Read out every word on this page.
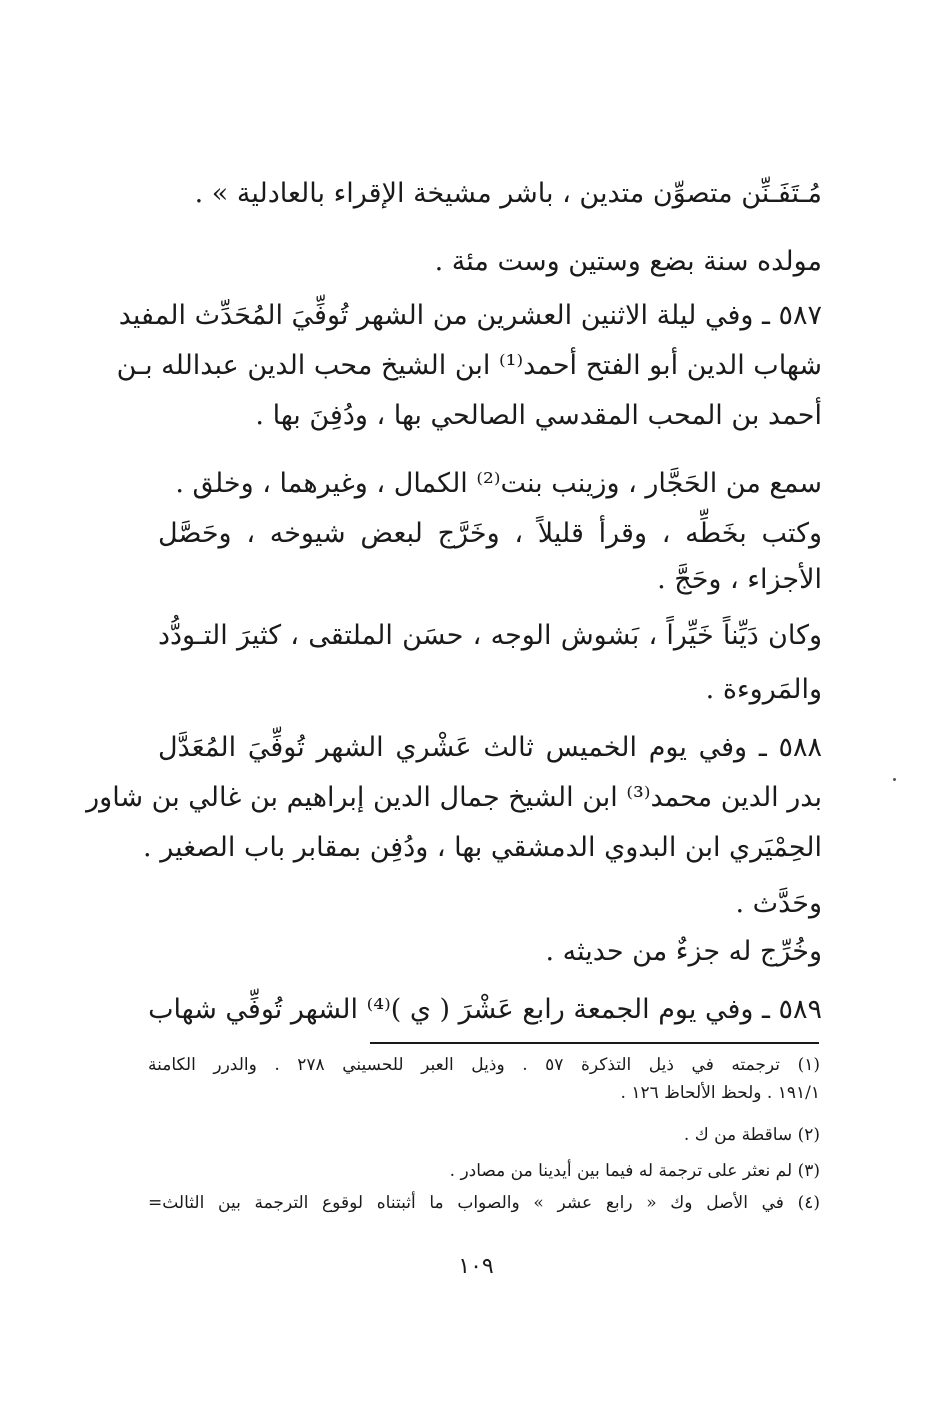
مُـتَفَـنِّن متصوِّن متدين ، باشر مشيخة الإقراء بالعادلية » .
مولده سنة بضع وستين وست مئة .
٥٨٧ ـ وفي ليلة الاثنين العشرين من الشهر تُوفِّيَ المُحَدِّث المفيد
شهاب الدين أبو الفتح أحمد⁽¹⁾ ابن الشيخ محب الدين عبدالله بـن
أحمد بن المحب المقدسي الصالحي بها ، ودُفِنَ بها .
سمع من الحَجَّار ، وزينب بنت⁽²⁾ الكمال ، وغيرهما ، وخلق .
وكتب بخَطِّه ، وقرأ قليلاً ، وخَرَّج لبعض شيوخه ، وحَصَّل
الأجزاء ، وحَجَّ .
وكان دَيِّناً خَيِّراً ، بَشوش الوجه ، حسَن الملتقى ، كثيرَ التـودُّد
والمَروءة .
٥٨٨ ـ وفي يوم الخميس ثالث عَشْري الشهر تُوفِّيَ المُعَدَّل
بدر الدين محمد⁽³⁾ ابن الشيخ جمال الدين إبراهيم بن غالي بن شاور
الحِمْيَري ابن البدوي الدمشقي بها ، ودُفِن بمقابر باب الصغير .
وحَدَّث .
وخُرِّج له جزءٌ من حديثه .
٥٨٩ ـ وفي يوم الجمعة رابع عَشْرَ ( ي )⁽⁴⁾ الشهر تُوفِّي شهاب
(١) ترجمته في ذيل التذكرة ٥٧ . وذيل العبر للحسيني ٢٧٨ . والدرر الكامنة
١٩١/١ . ولحظ الألحاظ ١٢٦ .
(٢) ساقطة من ك .
(٣) لم نعثر على ترجمة له فيما بين أيدينا من مصادر .
(٤) في الأصل وك « رابع عشر » والصواب ما أثبتناه لوقوع الترجمة بين الثالث=
١٠٩
